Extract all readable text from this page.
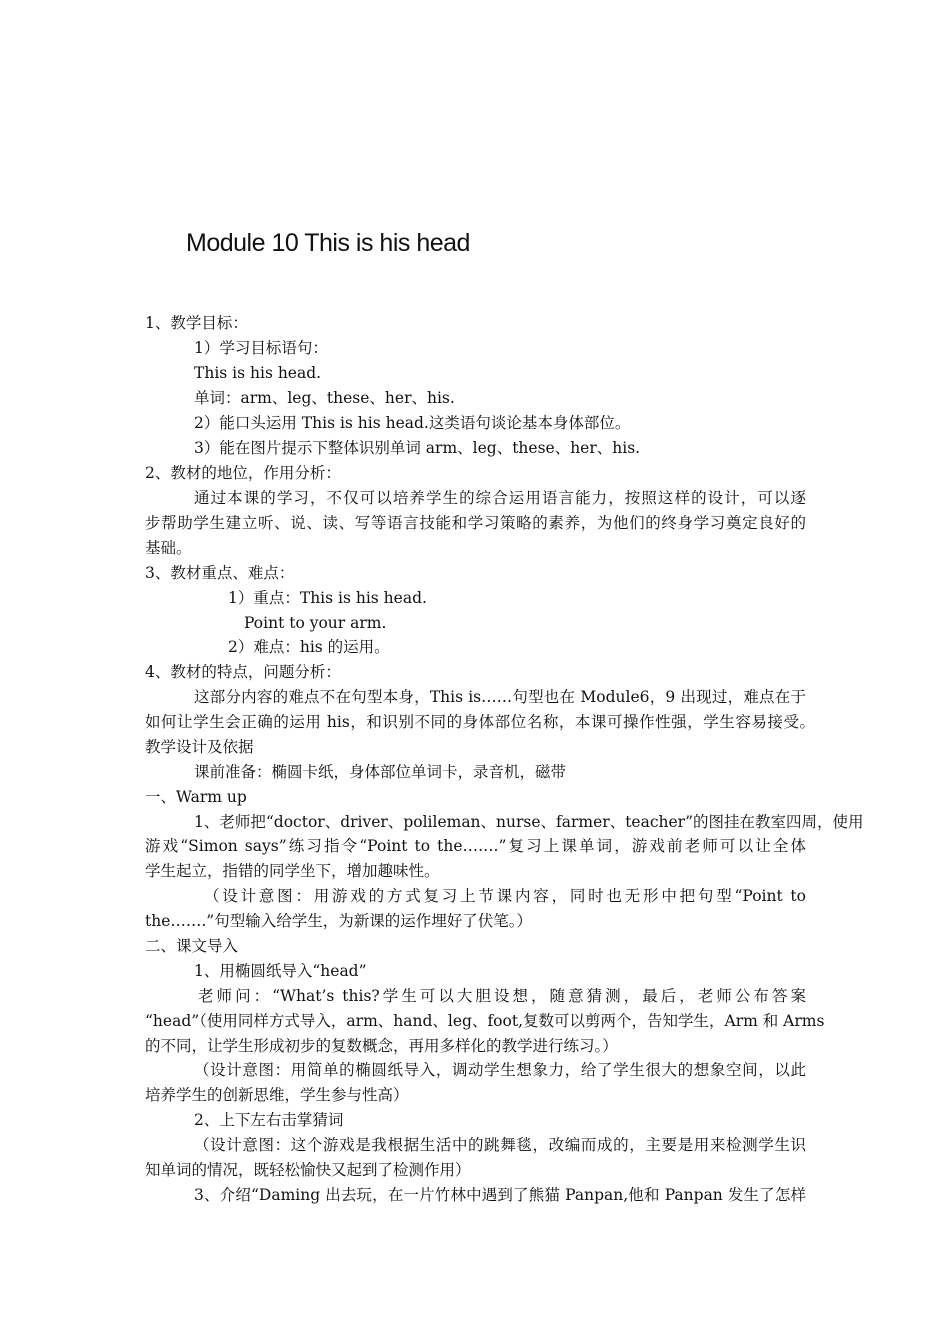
Module 10 This is his head
1、教学目标：
1）学习目标语句：
This is his head.
单词：arm、leg、these、her、his.
2）能口头运用 This is his head.这类语句谈论基本身体部位。
3）能在图片提示下整体识别单词 arm、leg、these、her、his.
2、教材的地位，作用分析：
通过本课的学习，不仅可以培养学生的综合运用语言能力，按照这样的设计，可以逐
步帮助学生建立听、说、读、写等语言技能和学习策略的素养，为他们的终身学习奠定良好的
基础。
3、教材重点、难点：
1）重点：This is his head.
Point to your arm.
2）难点：his 的运用。
4、教材的特点，问题分析：
这部分内容的难点不在句型本身，This is……句型也在 Module6，9 出现过，难点在于
如何让学生会正确的运用 his，和识别不同的身体部位名称，本课可操作性强，学生容易接受。
教学设计及依据
课前准备：椭圆卡纸，身体部位单词卡，录音机，磁带
一、Warm up
1、老师把“doctor、driver、polileman、nurse、farmer、teacher”的图挂在教室四周，使用
游戏“Simon says”练习指令“Point to the…….”复习上课单词，游戏前老师可以让全体
学生起立，指错的同学坐下，增加趣味性。
（设计意图：用游戏的方式复习上节课内容，同时也无形中把句型“Point to
the…….”句型输入给学生，为新课的运作埋好了伏笔。）
二、课文导入
1、用椭圆纸导入“head”
老师问：“What’s this?学生可以大胆设想，随意猜测，最后，老师公布答案
“head”（使用同样方式导入，arm、hand、leg、foot,复数可以剪两个，告知学生，Arm 和 Arms
的不同，让学生形成初步的复数概念，再用多样化的教学进行练习。）
（设计意图：用简单的椭圆纸导入，调动学生想象力，给了学生很大的想象空间，以此
培养学生的创新思维，学生参与性高）
2、上下左右击掌猜词
（设计意图：这个游戏是我根据生活中的跳舞毯，改编而成的，主要是用来检测学生识
知单词的情况，既轻松愉快又起到了检测作用）
3、介绍“Daming 出去玩，在一片竹林中遇到了熊猫 Panpan,他和 Panpan 发生了怎样
